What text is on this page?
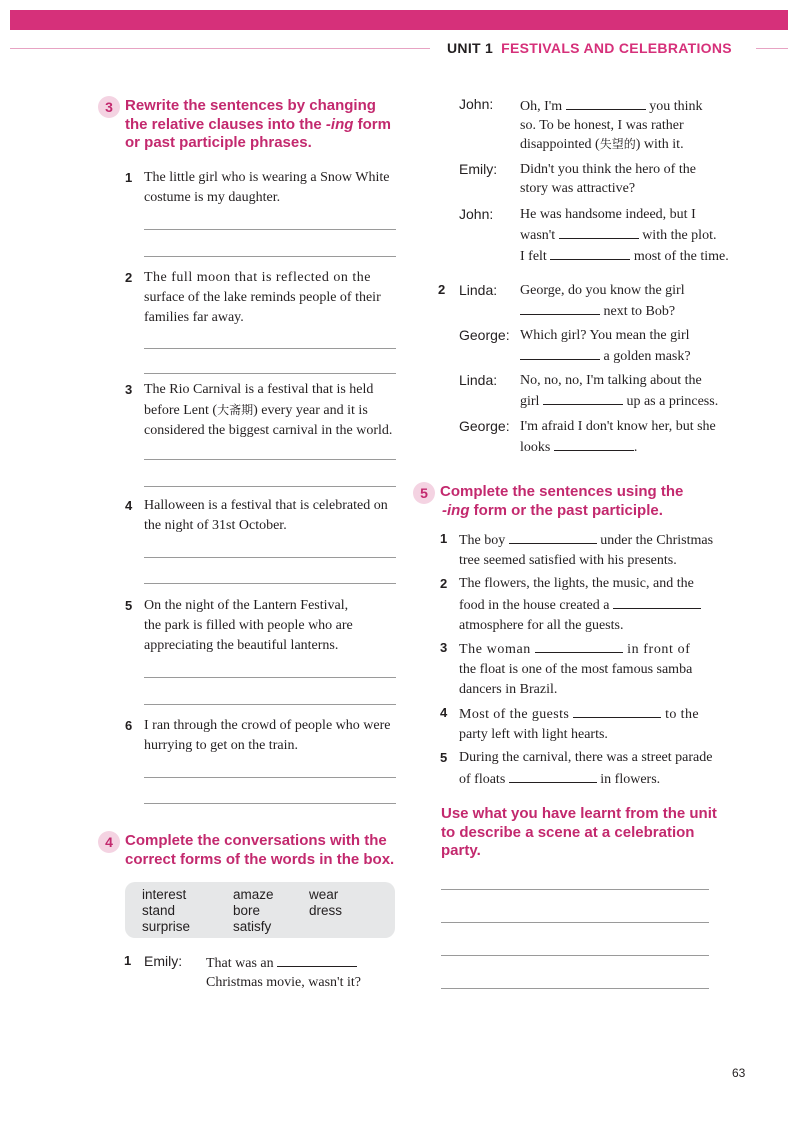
UNIT 1 FESTIVALS AND CELEBRATIONS
3 Rewrite the sentences by changing
the relative clauses into the -ing form
or past participle phrases.
1 The little girl who is wearing a Snow White
costume is my daughter.
2 The full moon that is reflected on the
surface of the lake reminds people of their
families far away.
3 The Rio Carnival is a festival that is held
before Lent (大斋期) every year and it is
considered the biggest carnival in the world.
4 Halloween is a festival that is celebrated on
the night of 31st October.
5 On the night of the Lantern Festival,
the park is filled with people who are
appreciating the beautiful lanterns.
6 I ran through the crowd of people who were
hurrying to get on the train.
4 Complete the conversations with the
correct forms of the words in the box.
interest	amaze	wear
stand	bore	dress
surprise	satisfy
1 Emily: That was an
Christmas movie, wasn't it?
John: Oh, I'm	you think
so. To be honest, I was rather
disappointed (失望的) with it.
Emily: Didn't you think the hero of the
story was attractive?
John: He was handsome indeed, but I
wasn't	with the plot.
I felt	most of the time.
2 Linda: George, do you know the girl
next to Bob?
George: Which girl? You mean the girl
a golden mask?
Linda: No, no, no, I'm talking about the
girl	up as a princess.
George: I'm afraid I don't know her, but she
looks	.
5 Complete the sentences using the
-ing form or the past participle.
1 The boy	under the Christmas
tree seemed satisfied with his presents.
2 The flowers, the lights, the music, and the
food in the house created a
atmosphere for all the guests.
3 The woman	in front of
the float is one of the most famous samba
dancers in Brazil.
4 Most of the guests	to the
party left with light hearts.
5 During the carnival, there was a street parade
of floats	in flowers.
Use what you have learnt from the unit
to describe a scene at a celebration
party.
63
